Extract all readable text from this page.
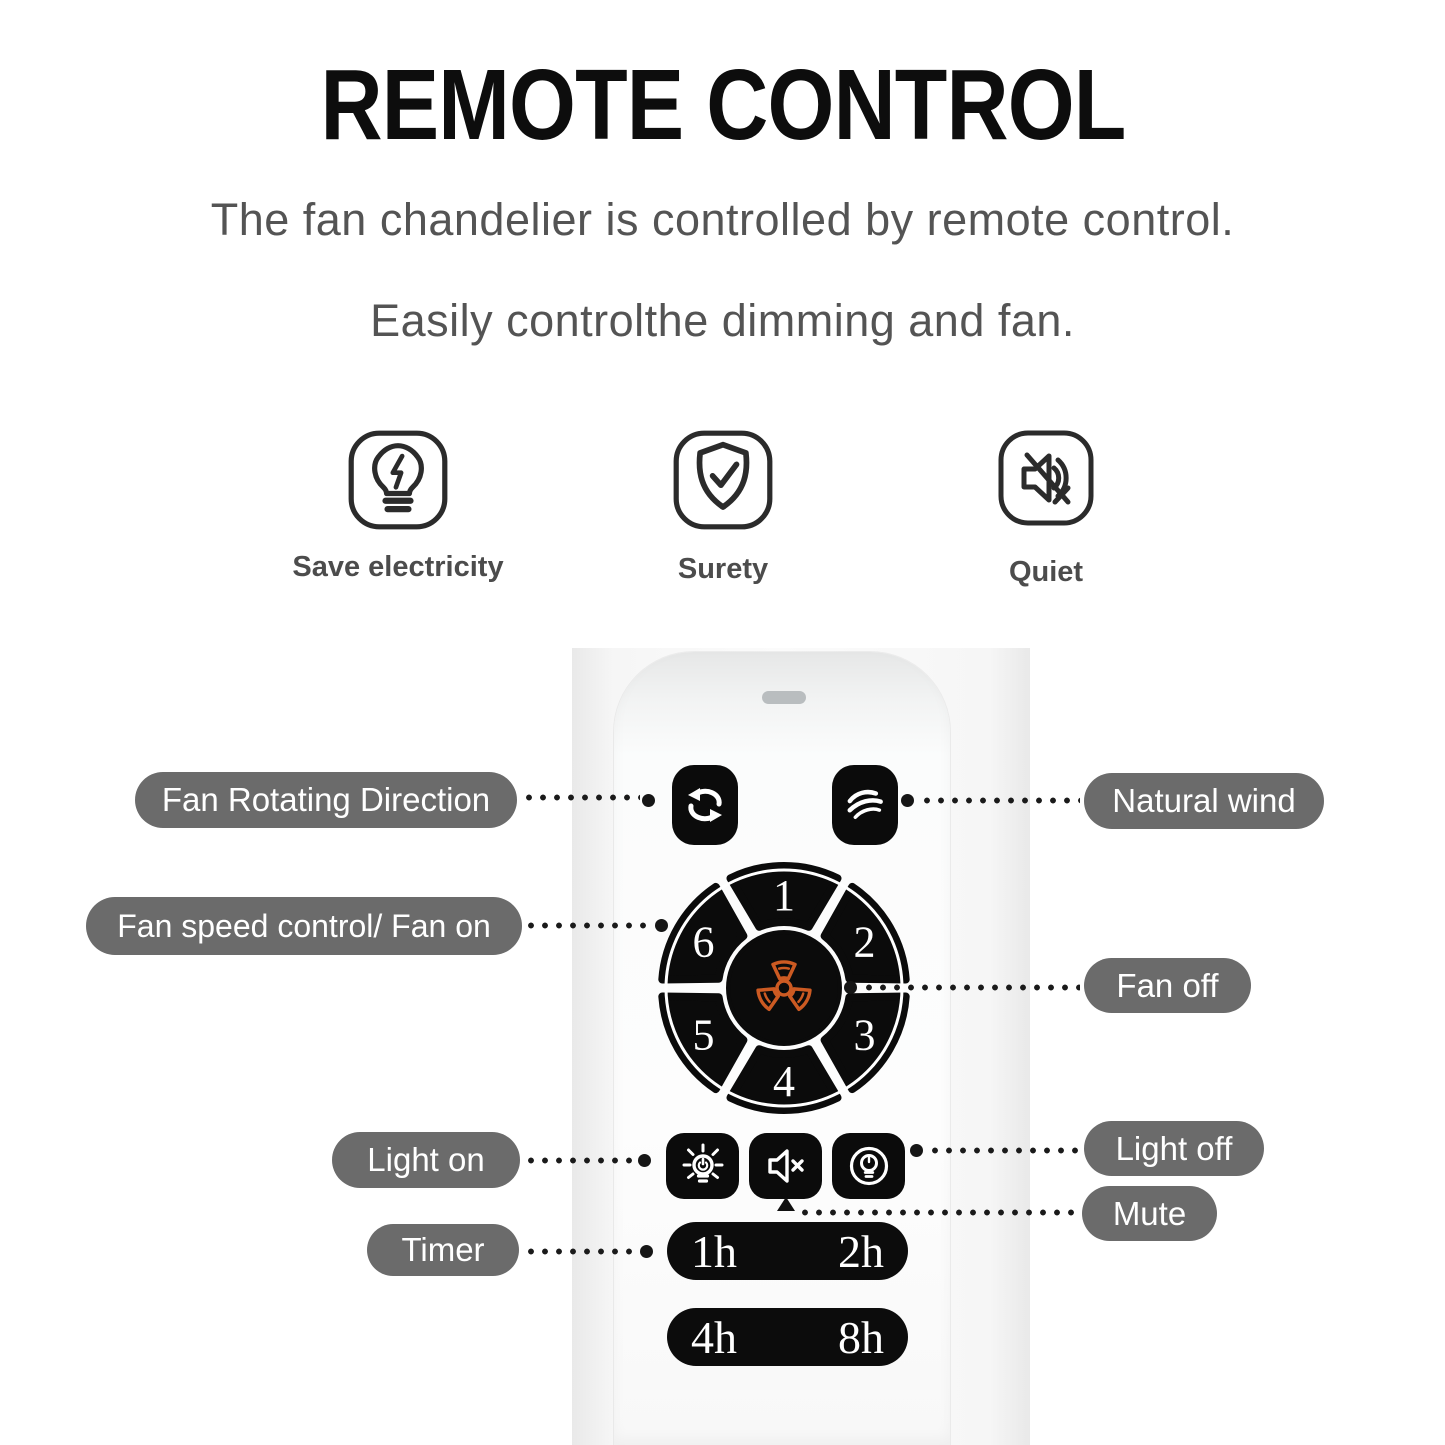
REMOTE CONTROL
The fan chandelier is controlled by remote control.
Easily controlthe dimming and fan.
Save electricity	Surety	Quiet
1
2
3
4
5
6
1h 2h
4h 8h
Fan Rotating Direction
Fan speed control/ Fan on
Light on
Timer
Natural wind
Fan off
Light off
Mute
